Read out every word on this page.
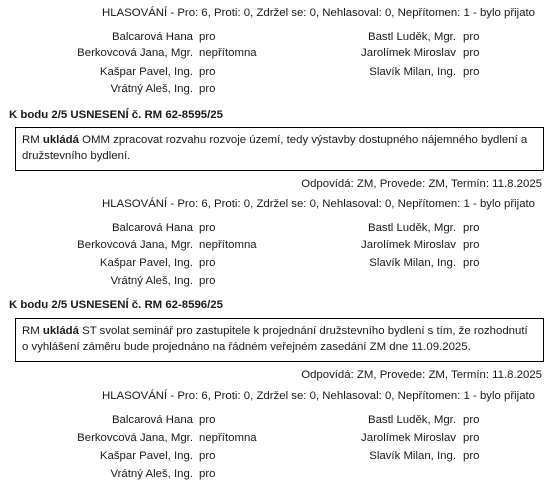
HLASOVÁNÍ - Pro: 6, Proti: 0, Zdržel se: 0, Nehlasoval: 0, Nepřítomen: 1 - bylo přijato
Balcarová Hana pro	Bastl Luděk, Mgr. pro
Berkovcová Jana, Mgr. nepřítomna	Jarolímek Miroslav pro
Kašpar Pavel, Ing. pro	Slavík Milan, Ing. pro
Vrátný Aleš, Ing. pro
K bodu 2/5 USNESENÍ č. RM 62-8595/25
RM ukládá OMM zpracovat rozvahu rozvoje území, tedy výstavby dostupného nájemného bydlení a
družstevního bydlení.
Odpovídá: ZM, Provede: ZM, Termín: 11.8.2025
HLASOVÁNÍ - Pro: 6, Proti: 0, Zdržel se: 0, Nehlasoval: 0, Nepřítomen: 1 - bylo přijato
Balcarová Hana pro	Bastl Luděk, Mgr. pro
Berkovcová Jana, Mgr. nepřítomna	Jarolímek Miroslav pro
Kašpar Pavel, Ing. pro	Slavík Milan, Ing. pro
Vrátný Aleš, Ing. pro
K bodu 2/5 USNESENÍ č. RM 62-8596/25
RM ukládá ST svolat seminář pro zastupitele k projednání družstevního bydlení s tím, že rozhodnutí
o vyhlášení záměru bude projednáno na řádném veřejném zasedání ZM dne 11.09.2025.
Odpovídá: ZM, Provede: ZM, Termín: 11.8.2025
HLASOVÁNÍ - Pro: 6, Proti: 0, Zdržel se: 0, Nehlasoval: 0, Nepřítomen: 1 - bylo přijato
Balcarová Hana pro	Bastl Luděk, Mgr. pro
Berkovcová Jana, Mgr. nepřítomna	Jarolímek Miroslav pro
Kašpar Pavel, Ing. pro	Slavík Milan, Ing. pro
Vrátný Aleš, Ing. pro
